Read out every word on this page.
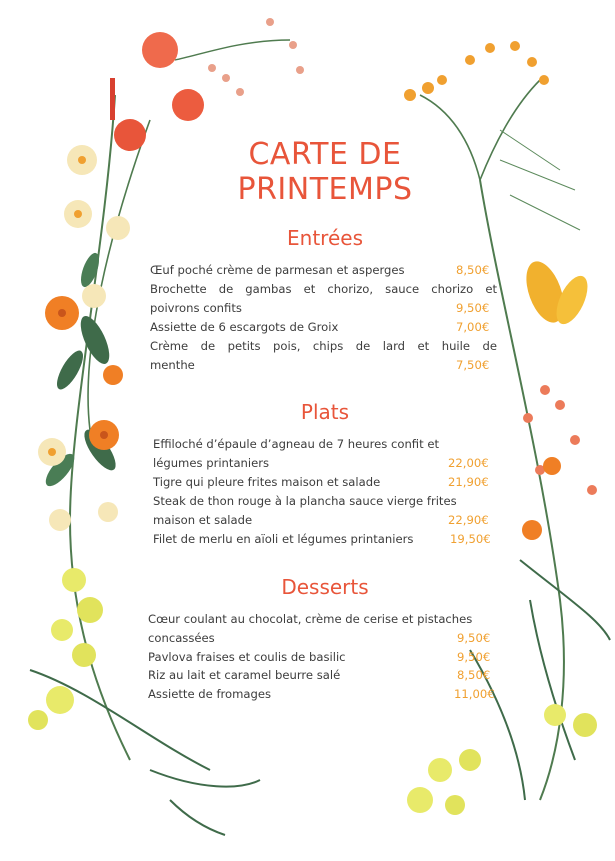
CARTE DE
PRINTEMPS
Entrées
Œuf poché crème de parmesan et asperges	8,50€
Brochette de gambas et chorizo, sauce chorizo et
poivrons confits	9,50€
Assiette de 6 escargots de Groix	7,00€
Crème de petits pois, chips de lard et huile de
menthe	7,50€
Plats
Effiloché d’épaule d’agneau de 7 heures confit et
légumes printaniers	22,00€
Tigre qui pleure frites maison et salade	21,90€
Steak de thon rouge à la plancha sauce vierge frites
maison et salade	22,90€
Filet de merlu en aïoli et légumes printaniers	19,50€
Desserts
Cœur coulant au chocolat, crème de cerise et pistaches
concassées	9,50€
Pavlova fraises et coulis de basilic	9,50€
Riz au lait et caramel beurre salé	8,50€
Assiette de fromages	11,00€
